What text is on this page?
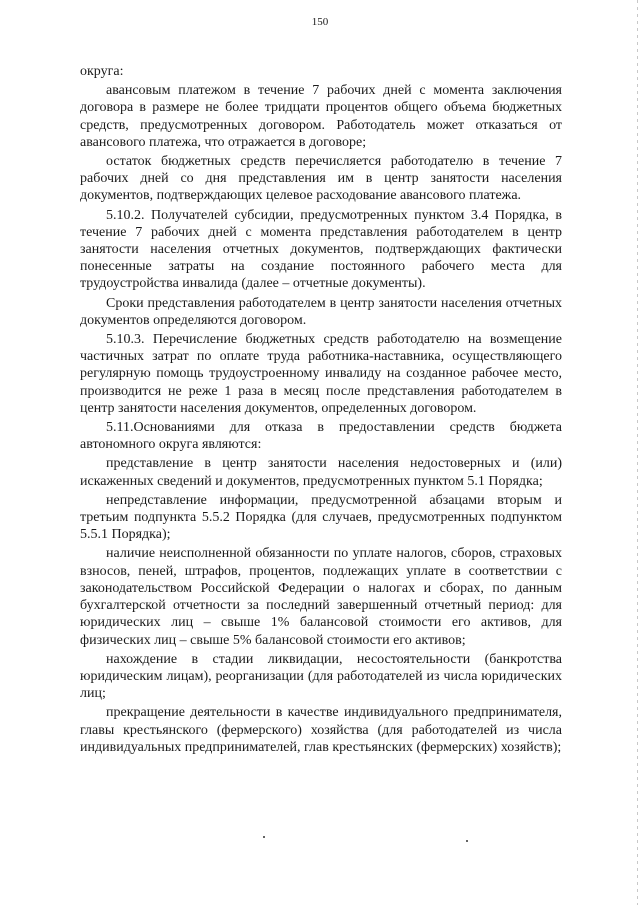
150

округа:

авансовым платежом в течение 7 рабочих дней с момента заключения договора в размере не более тридцати процентов общего объема бюджетных средств, предусмотренных договором. Работодатель может отказаться от авансового платежа, что отражается в договоре;

остаток бюджетных средств перечисляется работодателю в течение 7 рабочих дней со дня представления им в центр занятости населения документов, подтверждающих целевое расходование авансового платежа.

5.10.2. Получателей субсидии, предусмотренных пунктом 3.4 Порядка, в течение 7 рабочих дней с момента представления работодателем в центр занятости населения отчетных документов, подтверждающих фактически понесенные затраты на создание постоянного рабочего места для трудоустройства инвалида (далее – отчетные документы).

Сроки представления работодателем в центр занятости населения отчетных документов определяются договором.

5.10.3. Перечисление бюджетных средств работодателю на возмещение частичных затрат по оплате труда работника-наставника, осуществляющего регулярную помощь трудоустроенному инвалиду на созданное рабочее место, производится не реже 1 раза в месяц после представления работодателем в центр занятости населения документов, определенных договором.

5.11.Основаниями для отказа в предоставлении средств бюджета автономного округа являются:

представление в центр занятости населения недостоверных и (или) искаженных сведений и документов, предусмотренных пунктом 5.1 Порядка;

непредставление информации, предусмотренной абзацами вторым и третьим подпункта 5.5.2 Порядка (для случаев, предусмотренных подпунктом 5.5.1 Порядка);

наличие неисполненной обязанности по уплате налогов, сборов, страховых взносов, пеней, штрафов, процентов, подлежащих уплате в соответствии с законодательством Российской Федерации о налогах и сборах, по данным бухгалтерской отчетности за последний завершенный отчетный период: для юридических лиц – свыше 1% балансовой стоимости его активов, для физических лиц – свыше 5% балансовой стоимости его активов;

нахождение в стадии ликвидации, несостоятельности (банкротства юридическим лицам), реорганизации (для работодателей из числа юридических лиц;

прекращение деятельности в качестве индивидуального предпринимателя, главы крестьянского (фермерского) хозяйства (для работодателей из числа индивидуальных предпринимателей, глав крестьянских (фермерских) хозяйств);
